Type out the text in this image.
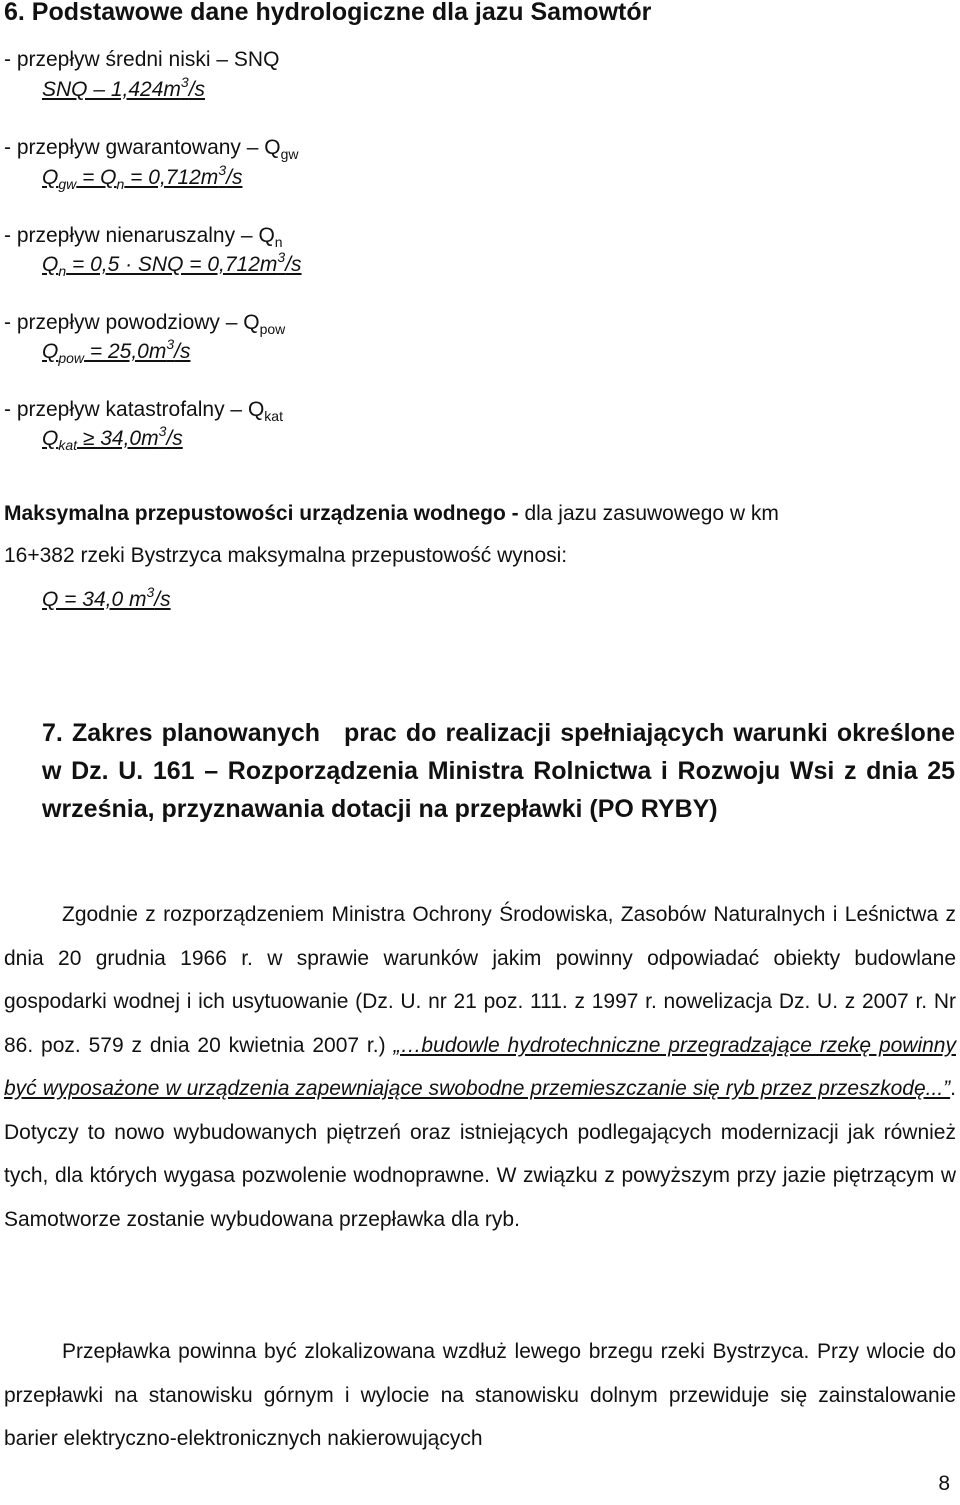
6. Podstawowe dane hydrologiczne dla jazu Samowtór
- przepływ średni niski – SNQ
SNQ – $1,424m^3/s$
- przepływ gwarantowany – $Q_{gw}$
$Q_{gw} = Q_n = 0,712m^3/s$
- przepływ nienaruszalny – $Q_n$
$Q_n = 0,5$ · SNQ = $0,712m^3/s$
- przepływ powodziowy – $Q_{pow}$
$Q_{pow} = 25,0m^3/s$
- przepływ katastrofalny – $Q_{kat}$
$Q_{kat} \ge 34,0m^3/s$
Maksymalna przepustowości urządzenia wodnego - dla jazu zasuwowego w km
16+382 rzeki Bystrzyca maksymalna przepustowość wynosi:
Q = 34,0 $m^3/s$
7. Zakres planowanych prac do realizacji spełniających warunki określone w Dz. U. 161 – Rozporządzenia Ministra Rolnictwa i Rozwoju Wsi z dnia 25 września, przyznawania dotacji na przepławki (PO RYBY)
Zgodnie z rozporządzeniem Ministra Ochrony Środowiska, Zasobów Naturalnych i Leśnictwa z dnia 20 grudnia 1966 r. w sprawie warunków jakim powinny odpowiadać obiekty budowlane gospodarki wodnej i ich usytuowanie (Dz. U. nr 21 poz. 111. z 1997 r. nowelizacja Dz. U. z 2007 r. Nr 86. poz. 579 z dnia 20 kwietnia 2007 r.) „…budowle hydrotechniczne przegradzające rzekę powinny być wyposażone w urządzenia zapewniające swobodne przemieszczanie się ryb przez przeszkodę...”. Dotyczy to nowo wybudowanych piętrzeń oraz istniejących podlegających modernizacji jak również tych, dla których wygasa pozwolenie wodnoprawne. W związku z powyższym przy jazie piętrzącym w Samotworze zostanie wybudowana przepławka dla ryb.
Przepławka powinna być zlokalizowana wzdłuż lewego brzegu rzeki Bystrzyca. Przy wlocie do przepławki na stanowisku górnym i wylocie na stanowisku dolnym przewiduje się zainstalowanie barier elektryczno-elektronicznych nakierowujących
8
